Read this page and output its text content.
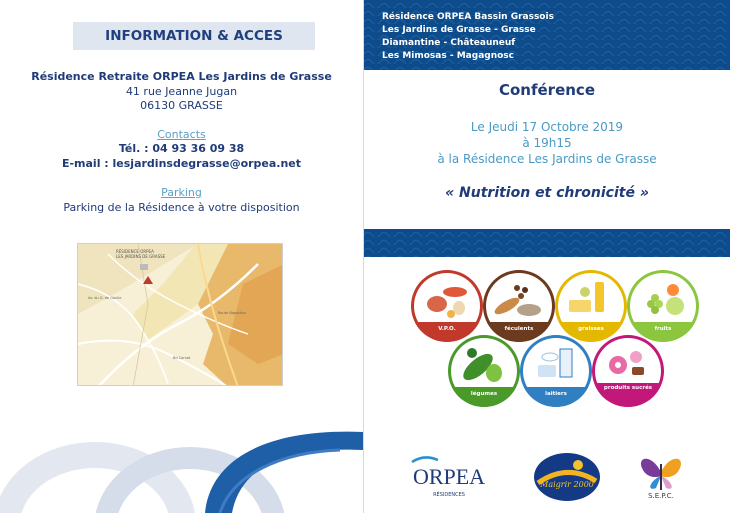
INFORMATION & ACCES
Résidence Retraite ORPEA Les Jardins de Grasse
41 rue Jeanne Jugan
06130 GRASSE
Contacts
Tél. : 04 93 36 09 38
E-mail : lesjardinsdegrasse@orpea.net
Parking
Parking de la Résidence à votre disposition
RÉSIDENCE ORPEA
LES JARDINS DE GRASSE
Av. du G. de Gaulle
Bd Carnot
Route Napoléon
Résidence ORPEA Bassin Grassois
Les Jardins de Grasse - Grasse
Diamantine - Châteauneuf
Les Mimosas - Magagnosc
Conférence
Le Jeudi 17 Octobre 2019
à 19h15
à la Résidence Les Jardins de Grasse
« Nutrition et chronicité »
V.P.O.	féculents	graisses	fruits
légumes	laitiers
produits sucrés
ORPEA
RÉSIDENCES
Maigrir 2000
S.E.P.C.
